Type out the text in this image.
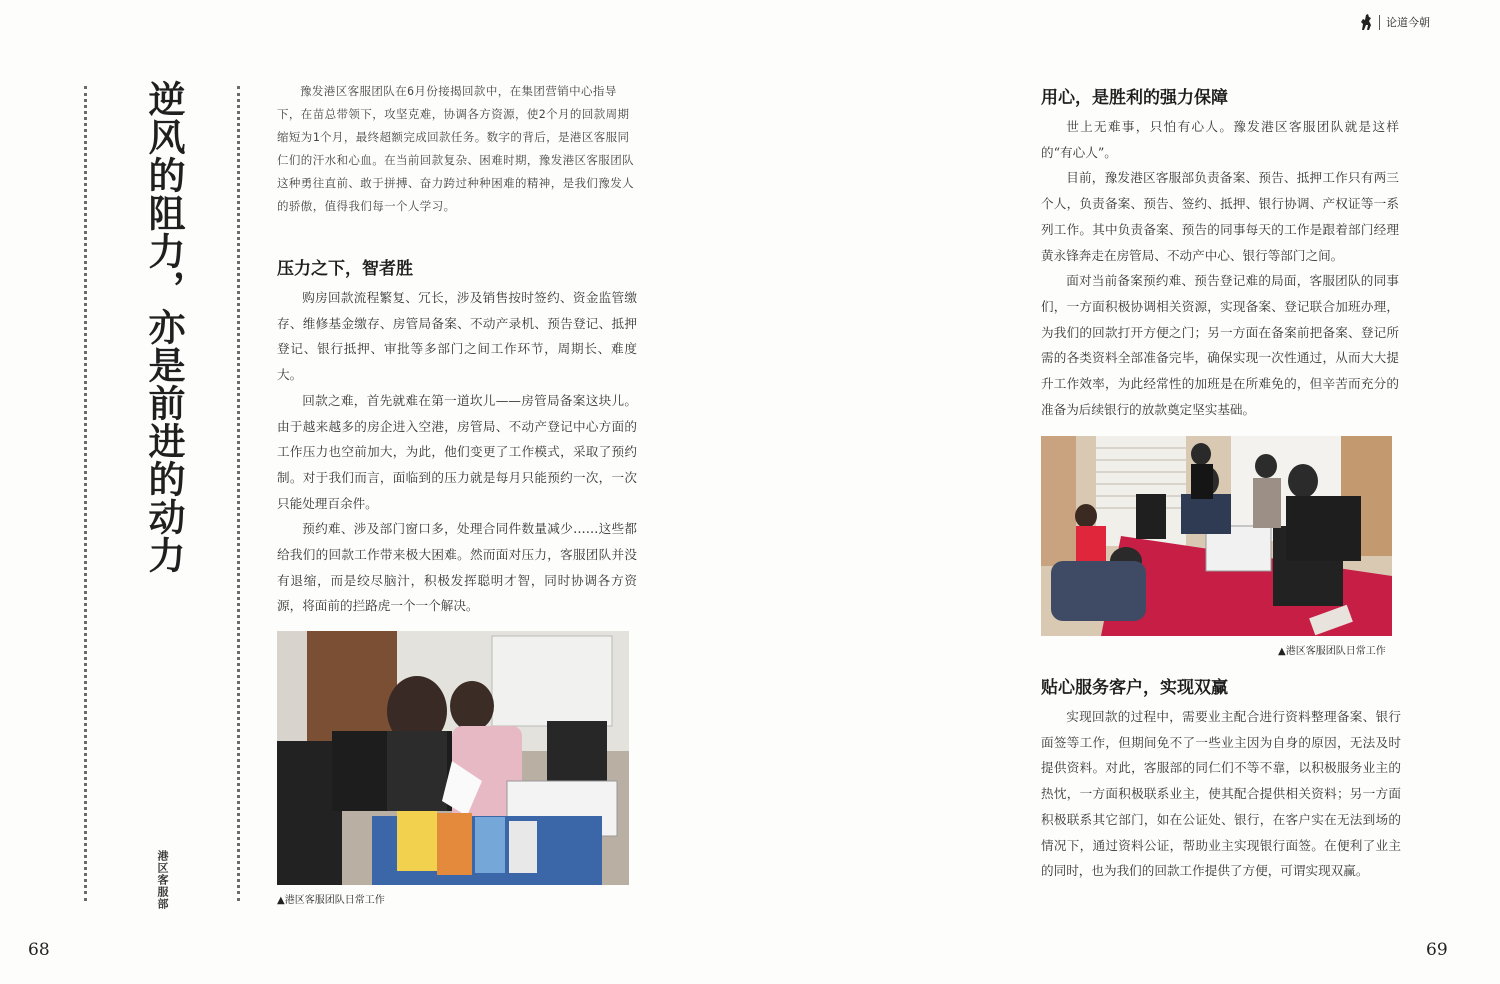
论道今朝
逆风的阻力，亦是前进的动力
港区客服部

豫发港区客服团队在6月份接揭回款中，在集团营销中心指导下，在苗总带领下，攻坚克难，协调各方资源，使2个月的回款周期缩短为1个月，最终超额完成回款任务。数字的背后，是港区客服同仁们的汗水和心血。在当前回款复杂、困难时期，豫发港区客服团队这种勇往直前、敢于拼搏、奋力跨过种种困难的精神，是我们豫发人的骄傲，值得我们每一个人学习。

压力之下，智者胜

购房回款流程繁复、冗长，涉及销售按时签约、资金监管缴存、维修基金缴存、房管局备案、不动产录机、预告登记、抵押登记、银行抵押、审批等多部门之间工作环节，周期长、难度大。

回款之难，首先就难在第一道坎儿——房管局备案这块儿。由于越来越多的房企进入空港，房管局、不动产登记中心方面的工作压力也空前加大，为此，他们变更了工作模式，采取了预约制。对于我们而言，面临到的压力就是每月只能预约一次，一次只能处理百余件。

预约难、涉及部门窗口多，处理合同件数量减少……这些都给我们的回款工作带来极大困难。然而面对压力，客服团队并没有退缩，而是绞尽脑汁，积极发挥聪明才智，同时协调各方资源，将面前的拦路虎一个一个解决。

▲港区客服团队日常工作
68
用心，是胜利的强力保障

世上无难事，只怕有心人。豫发港区客服团队就是这样的“有心人”。

目前，豫发港区客服部负责备案、预告、抵押工作只有两三个人，负责备案、预告、签约、抵押、银行协调、产权证等一系列工作。其中负责备案、预告的同事每天的工作是跟着部门经理黄永锋奔走在房管局、不动产中心、银行等部门之间。

面对当前备案预约难、预告登记难的局面，客服团队的同事们，一方面积极协调相关资源，实现备案、登记联合加班办理，为我们的回款打开方便之门；另一方面在备案前把备案、登记所需的各类资料全部准备完毕，确保实现一次性通过，从而大大提升工作效率，为此经常性的加班是在所难免的，但辛苦而充分的准备为后续银行的放款奠定坚实基础。

▲港区客服团队日常工作
贴心服务客户，实现双赢

实现回款的过程中，需要业主配合进行资料整理备案、银行面签等工作，但期间免不了一些业主因为自身的原因，无法及时提供资料。对此，客服部的同仁们不等不靠，以积极服务业主的热忱，一方面积极联系业主，使其配合提供相关资料；另一方面积极联系其它部门，如在公证处、银行，在客户实在无法到场的情况下，通过资料公证，帮助业主实现银行面签。在便利了业主的同时，也为我们的回款工作提供了方便，可谓实现双赢。

69
